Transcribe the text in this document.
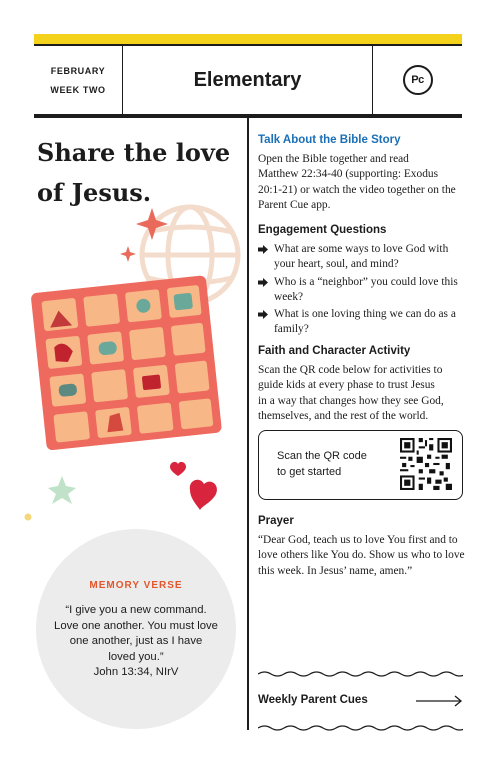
FEBRUARY
WEEK TWO	Elementary	Pc
Share the love
of Jesus.
MEMORY VERSE
“I give you a new command.
Love one another. You must love
one another, just as I have
loved you.”
John 13:34, NIrV
Talk About the Bible Story
Open the Bible together and read
Matthew 22:34-40 (supporting: Exodus
20:1-21) or watch the video together on the
Parent Cue app.
Engagement Questions
What are some ways to love God with
your heart, soul, and mind?
Who is a “neighbor” you could love this
week?
What is one loving thing we can do as a
family?
Faith and Character Activity
Scan the QR code below for activities to
guide kids at every phase to trust Jesus
in a way that changes how they see God,
themselves, and the rest of the world.
Scan the QR code
to get started
Prayer
“Dear God, teach us to love You first and to
love others like You do. Show us who to love
this week. In Jesus’ name, amen.”
Weekly Parent Cues
